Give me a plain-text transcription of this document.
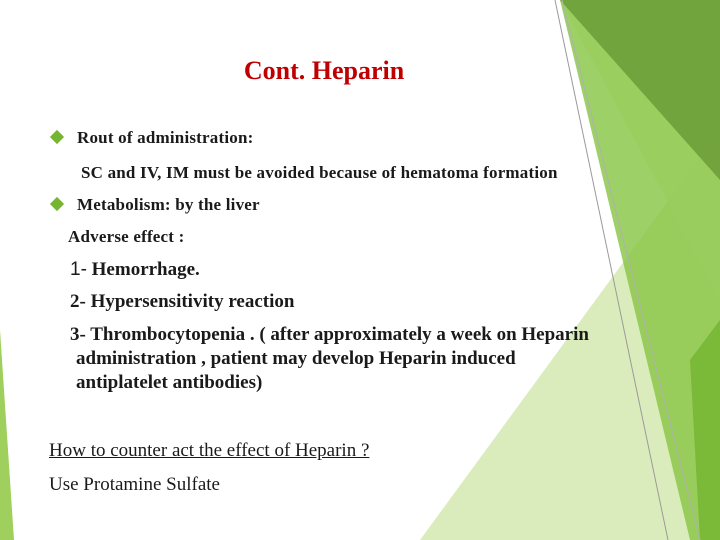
Cont. Heparin
Rout of administration:
SC and IV, IM must be avoided because of hematoma formation
Metabolism: by the liver
Adverse effect :
1- Hemorrhage.
2- Hypersensitivity reaction
3- Thrombocytopenia . ( after approximately a week on Heparin
administration , patient may develop Heparin induced
antiplatelet antibodies)
How to counter act the effect of Heparin ?
Use Protamine Sulfate
